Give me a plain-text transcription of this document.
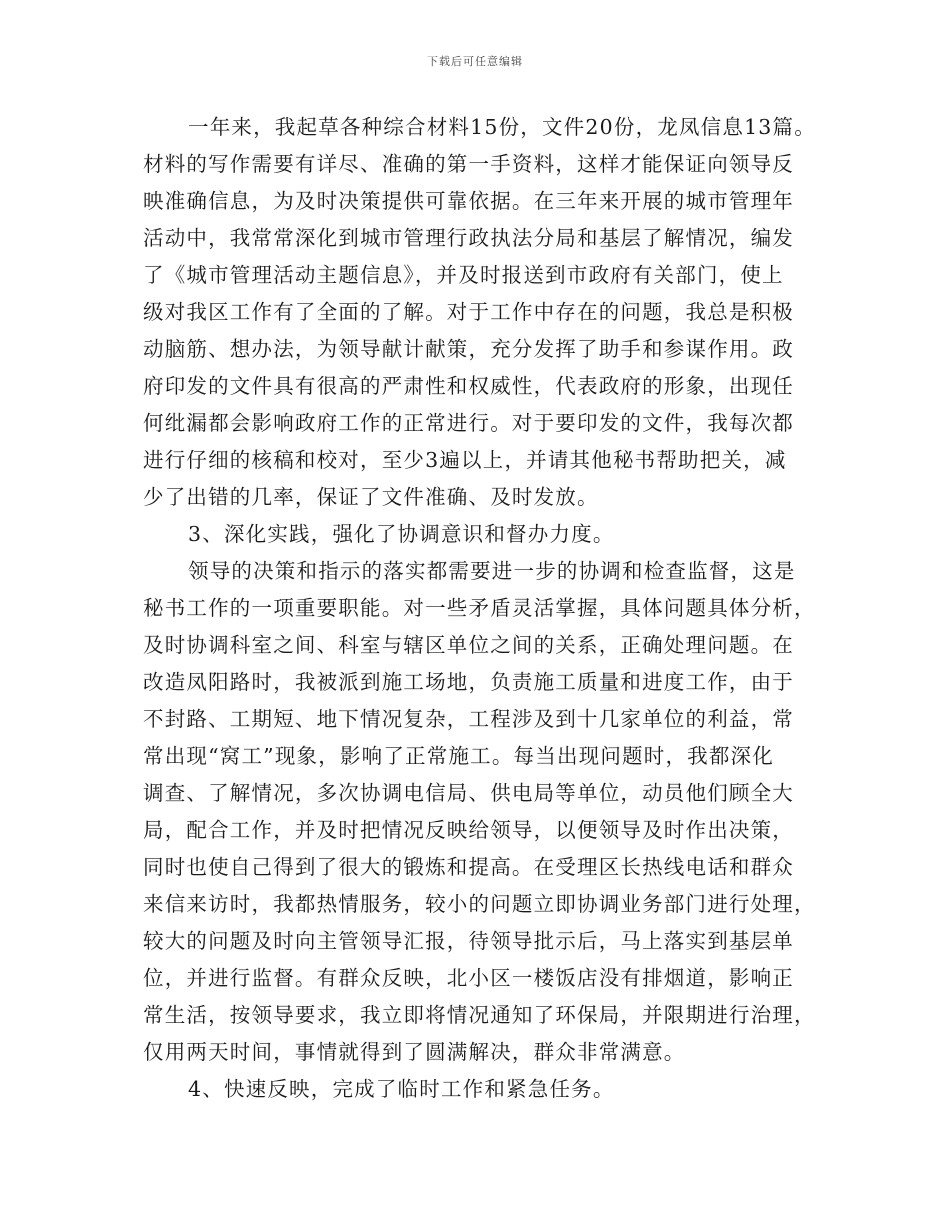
下载后可任意编辑
一年来，我起草各种综合材料15份，文件20份，龙凤信息13篇。
材料的写作需要有详尽、准确的第一手资料，这样才能保证向领导反
映准确信息，为及时决策提供可靠依据。在三年来开展的城市管理年
活动中，我常常深化到城市管理行政执法分局和基层了解情况，编发
了《城市管理活动主题信息》，并及时报送到市政府有关部门，使上
级对我区工作有了全面的了解。对于工作中存在的问题，我总是积极
动脑筋、想办法，为领导献计献策，充分发挥了助手和参谋作用。政
府印发的文件具有很高的严肃性和权威性，代表政府的形象，出现任
何纰漏都会影响政府工作的正常进行。对于要印发的文件，我每次都
进行仔细的核稿和校对，至少3遍以上，并请其他秘书帮助把关，减
少了出错的几率，保证了文件准确、及时发放。
3、深化实践，强化了协调意识和督办力度。
领导的决策和指示的落实都需要进一步的协调和检查监督，这是
秘书工作的一项重要职能。对一些矛盾灵活掌握，具体问题具体分析，
及时协调科室之间、科室与辖区单位之间的关系，正确处理问题。在
改造凤阳路时，我被派到施工场地，负责施工质量和进度工作，由于
不封路、工期短、地下情况复杂，工程涉及到十几家单位的利益，常
常出现“窝工”现象，影响了正常施工。每当出现问题时，我都深化
调查、了解情况，多次协调电信局、供电局等单位，动员他们顾全大
局，配合工作，并及时把情况反映给领导，以便领导及时作出决策，
同时也使自己得到了很大的锻炼和提高。在受理区长热线电话和群众
来信来访时，我都热情服务，较小的问题立即协调业务部门进行处理，
较大的问题及时向主管领导汇报，待领导批示后，马上落实到基层单
位，并进行监督。有群众反映，北小区一楼饭店没有排烟道，影响正
常生活，按领导要求，我立即将情况通知了环保局，并限期进行治理，
仅用两天时间，事情就得到了圆满解决，群众非常满意。
4、快速反映，完成了临时工作和紧急任务。
